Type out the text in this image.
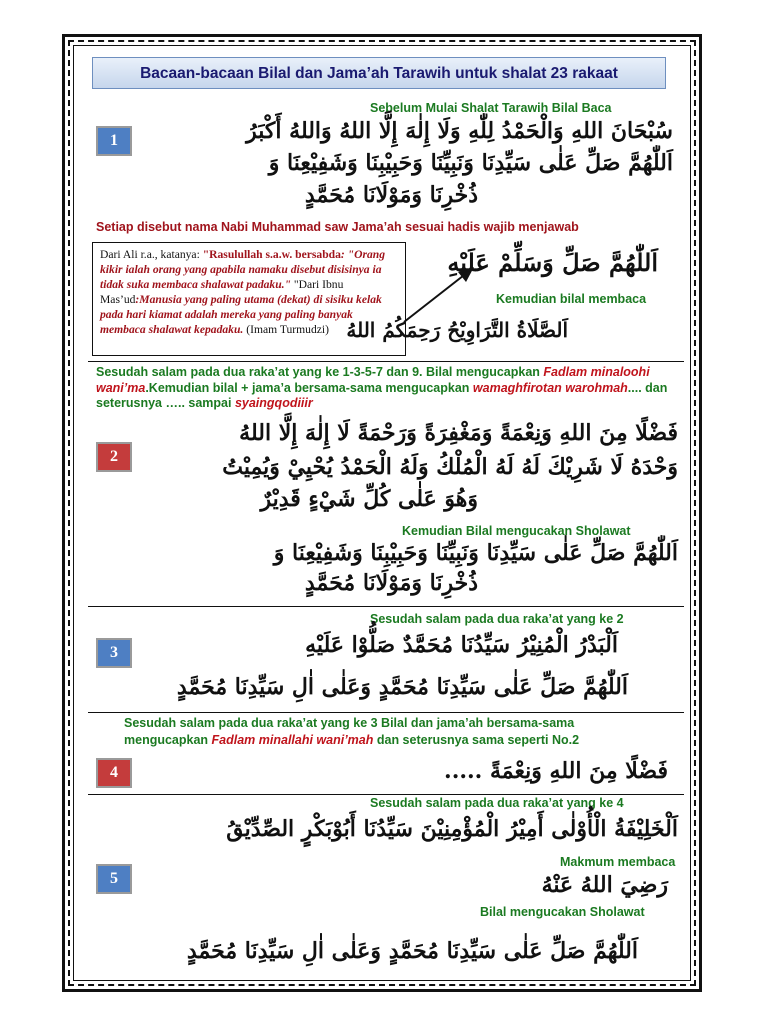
Bacaan-bacaan Bilal dan Jama’ah Tarawih untuk shalat 23 rakaat
Sebelum Mulai Shalat Tarawih Bilal Baca
1	سُبْحَانَ اللهِ وَالْحَمْدُ لِلّٰهِ وَلَا إِلٰهَ إِلَّا اللهُ وَاللهُ أَكْبَرُ
اَللّٰهُمَّ صَلِّ عَلٰى سَيِّدِنَا وَنَبِيِّنَا وَحَبِيْبِنَا وَشَفِيْعِنَا وَ
ذُخْرِنَا وَمَوْلَانَا مُحَمَّدٍ
Setiap disebut nama Nabi Muhammad saw Jama’ah sesuai hadis wajib menjawab
Dari Ali r.a., katanya: "Rasulullah s.a.w. bersabda: "Orang kikir ialah orang yang apabila namaku disebut disisinya ia tidak suka membaca shalawat padaku." "Dari Ibnu Mas’ud:Manusia yang paling utama (dekat) di sisiku kelak pada hari kiamat adalah mereka yang paling banyak membaca shalawat kepadaku. (Imam Turmudzi)
اَللّٰهُمَّ صَلِّ وَسَلِّمْ عَلَيْهِ
Kemudian bilal membaca
اَلصَّلَاةُ التَّرَاوِيْحُ رَحِمَكُمُ اللهُ
Sesudah salam pada dua raka’at yang ke 1-3-5-7 dan 9. Bilal mengucapkan Fadlam minaloohi wani’ma.Kemudian bilal + jama’a bersama-sama mengucapkan wamaghfirotan warohmah.... dan seterusnya ….. sampai syaingqodiiir
فَضْلًا مِنَ اللهِ وَنِعْمَةً وَمَغْفِرَةً وَرَحْمَةً لَا إِلٰهَ إِلَّا اللهُ
2	وَحْدَهُ لَا شَرِيْكَ لَهُ لَهُ الْمُلْكُ وَلَهُ الْحَمْدُ يُحْيِيْ وَيُمِيْتُ
وَهُوَ عَلٰى كُلِّ شَيْءٍ قَدِيْرٌ
Kemudian Bilal mengucakan Sholawat
اَللّٰهُمَّ صَلِّ عَلٰى سَيِّدِنَا وَنَبِيِّنَا وَحَبِيْبِنَا وَشَفِيْعِنَا وَ
ذُخْرِنَا وَمَوْلَانَا مُحَمَّدٍ
Sesudah salam pada dua raka’at yang ke 2
اَلْبَدْرُ الْمُنِيْرُ سَيِّدُنَا مُحَمَّدٌ صَلُّوْا عَلَيْهِ
3
اَللّٰهُمَّ صَلِّ عَلٰى سَيِّدِنَا مُحَمَّدٍ وَعَلٰى اٰلِ سَيِّدِنَا مُحَمَّدٍ
Sesudah salam pada dua raka’at yang ke 3 Bilal dan jama’ah bersama-sama
mengucapkan Fadlam minallahi wani’mah dan seterusnya sama seperti No.2
4	فَضْلًا مِنَ اللهِ وَنِعْمَةً .....
Sesudah salam pada dua raka’at yang ke 4
اَلْخَلِيْفَةُ الْأُوْلٰى أَمِيْرُ الْمُؤْمِنِيْنَ سَيِّدُنَا أَبُوْبَكْرٍ الصِّدِّيْقُ
Makmum membaca
5	رَضِيَ اللهُ عَنْهُ
Bilal mengucakan Sholawat
اَللّٰهُمَّ صَلِّ عَلٰى سَيِّدِنَا مُحَمَّدٍ وَعَلٰى اٰلِ سَيِّدِنَا مُحَمَّدٍ
